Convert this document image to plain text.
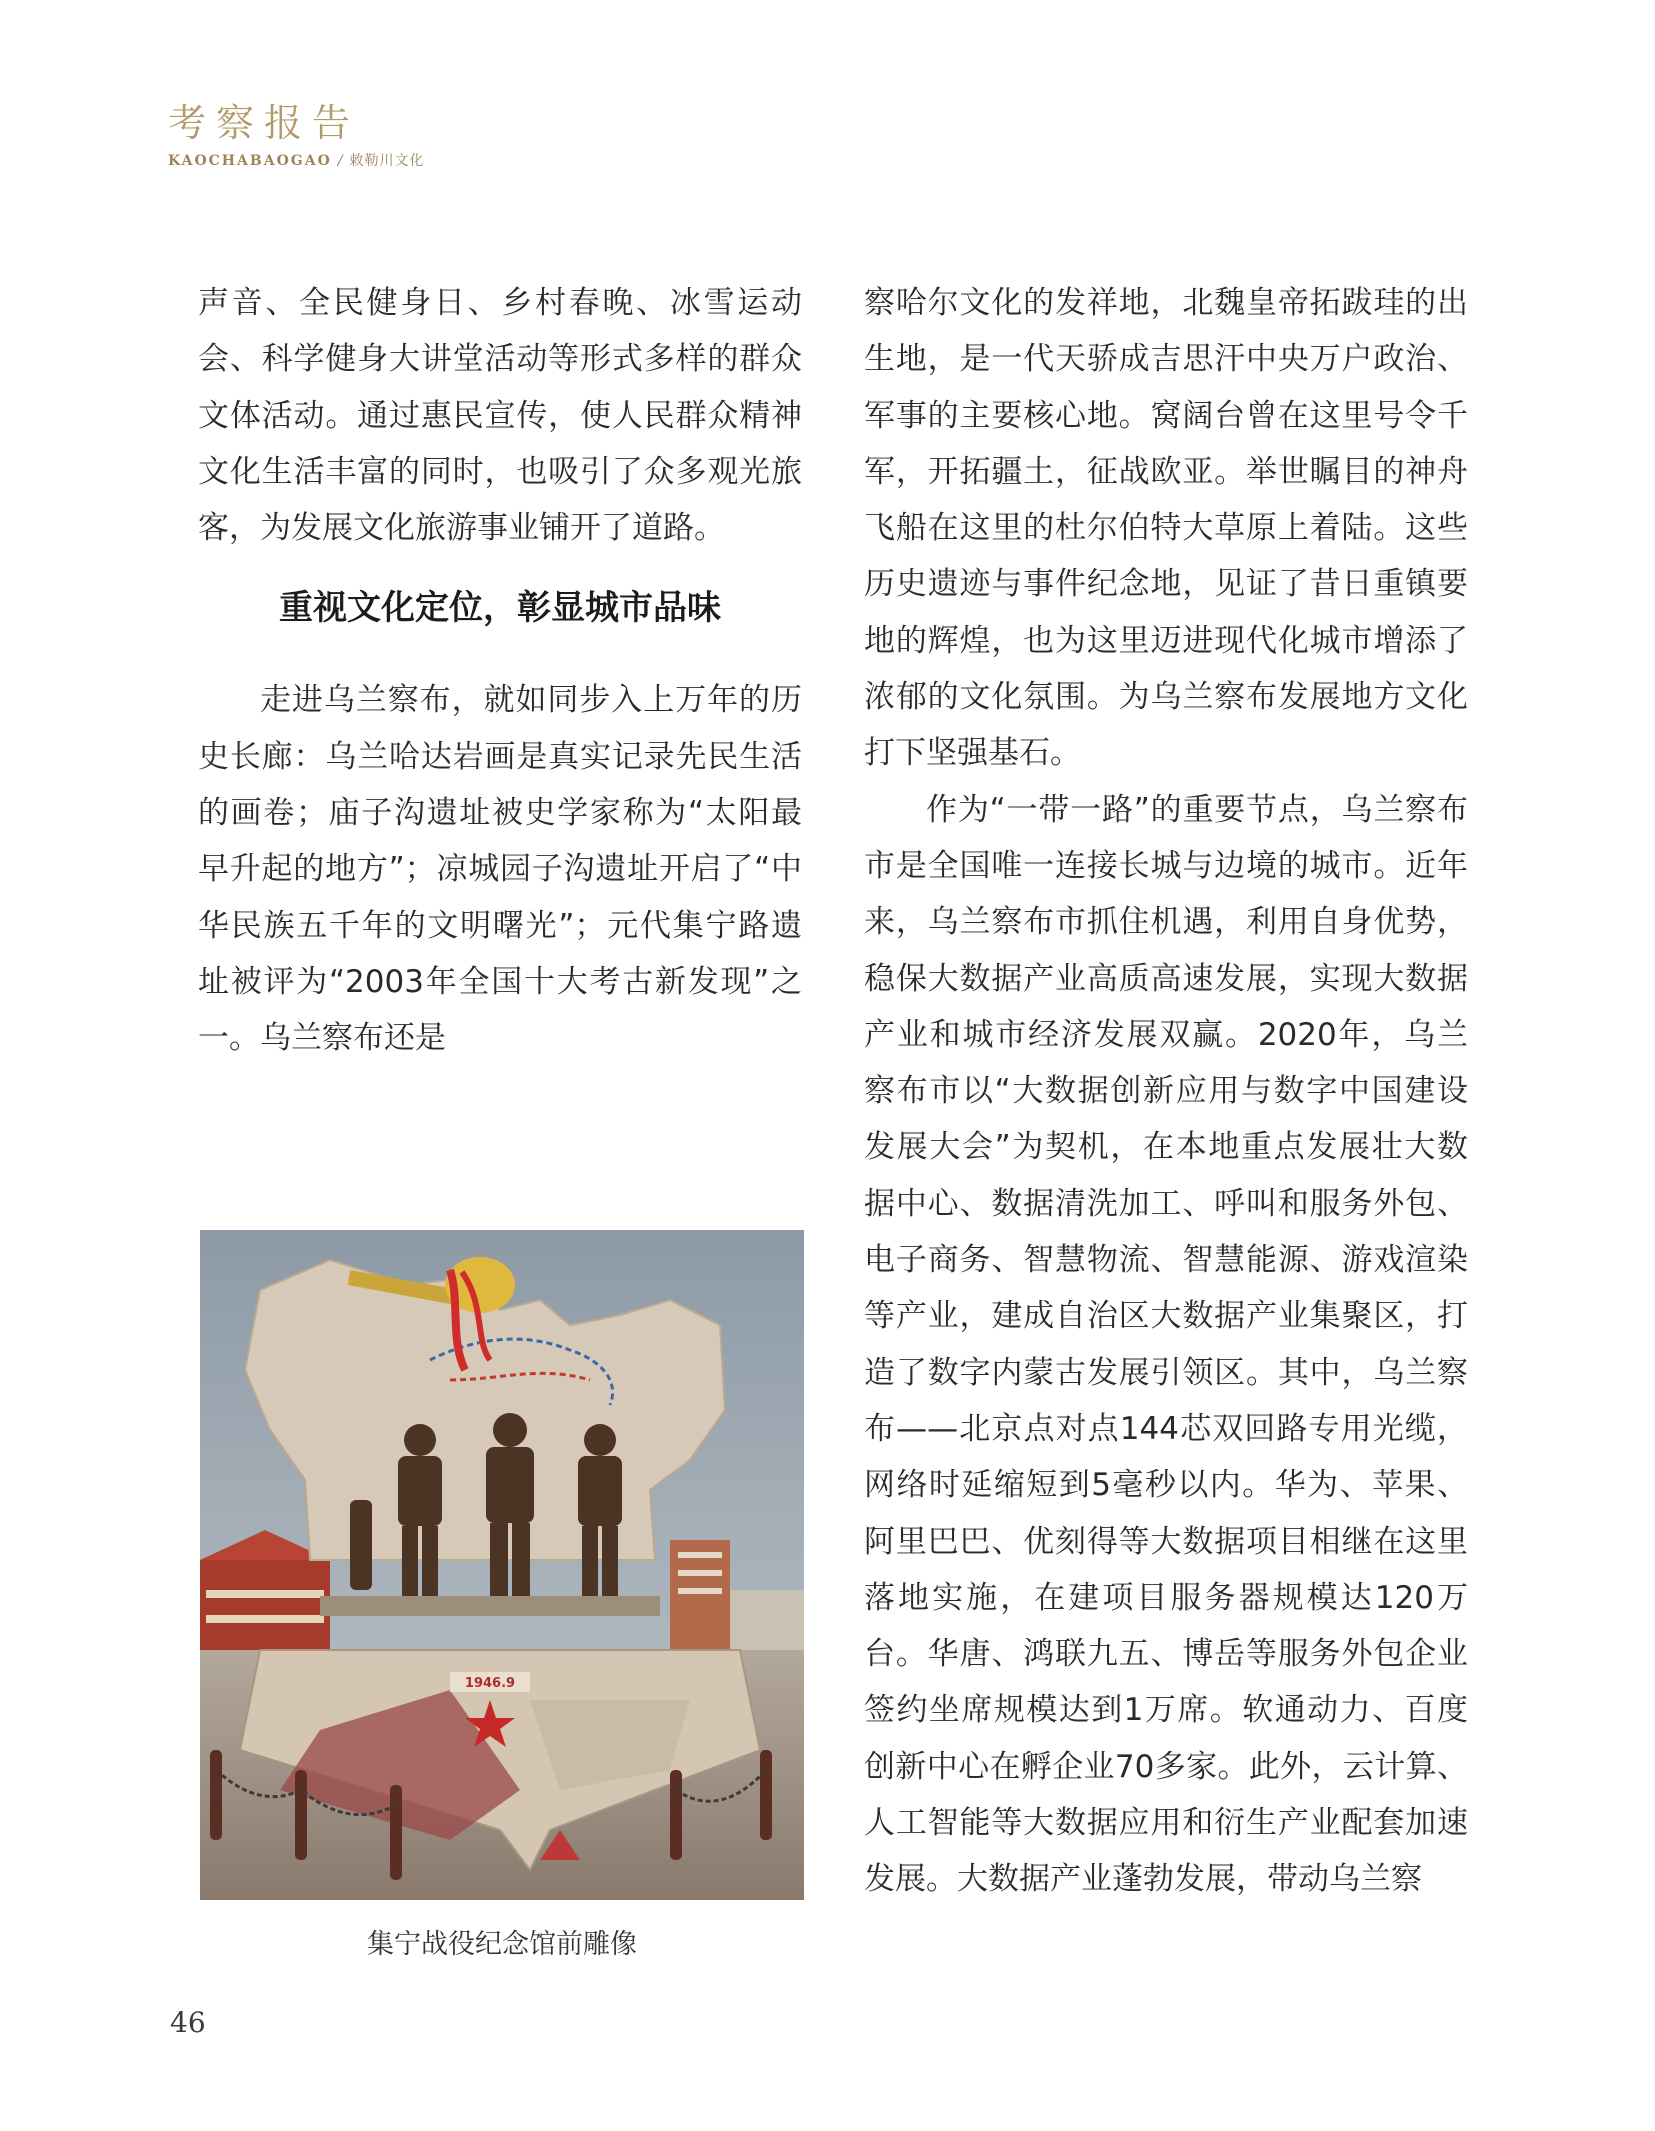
考察报告
KAOCHABAOGAO / 敕勒川文化

声音、全民健身日、乡村春晚、冰雪运动会、科学健身大讲堂活动等形式多样的群众文体活动。通过惠民宣传，使人民群众精神文化生活丰富的同时，也吸引了众多观光旅客，为发展文化旅游事业铺开了道路。

重视文化定位，彰显城市品味

走进乌兰察布，就如同步入上万年的历史长廊：乌兰哈达岩画是真实记录先民生活的画卷；庙子沟遗址被史学家称为“太阳最早升起的地方”；凉城园子沟遗址开启了“中华民族五千年的文明曙光”；元代集宁路遗址被评为“2003年全国十大考古新发现”之一。乌兰察布还是

察哈尔文化的发祥地，北魏皇帝拓跋珪的出生地，是一代天骄成吉思汗中央万户政治、军事的主要核心地。窝阔台曾在这里号令千军，开拓疆土，征战欧亚。举世瞩目的神舟飞船在这里的杜尔伯特大草原上着陆。这些历史遗迹与事件纪念地，见证了昔日重镇要地的辉煌，也为这里迈进现代化城市增添了浓郁的文化氛围。为乌兰察布发展地方文化打下坚强基石。

作为“一带一路”的重要节点，乌兰察布市是全国唯一连接长城与边境的城市。近年来，乌兰察布市抓住机遇，利用自身优势，稳保大数据产业高质高速发展，实现大数据产业和城市经济发展双赢。2020年，乌兰察布市以“大数据创新应用与数字中国建设发展大会”为契机，在本地重点发展壮大数据中心、数据清洗加工、呼叫和服务外包、电子商务、智慧物流、智慧能源、游戏渲染等产业，建成自治区大数据产业集聚区，打造了数字内蒙古发展引领区。其中，乌兰察布——北京点对点144芯双回路专用光缆，网络时延缩短到5毫秒以内。华为、苹果、阿里巴巴、优刻得等大数据项目相继在这里落地实施，在建项目服务器规模达120万台。华唐、鸿联九五、博岳等服务外包企业签约坐席规模达到1万席。软通动力、百度创新中心在孵企业70多家。此外，云计算、人工智能等大数据应用和衍生产业配套加速发展。大数据产业蓬勃发展，带动乌兰察

1946.9
集宁战役纪念馆前雕像
46
